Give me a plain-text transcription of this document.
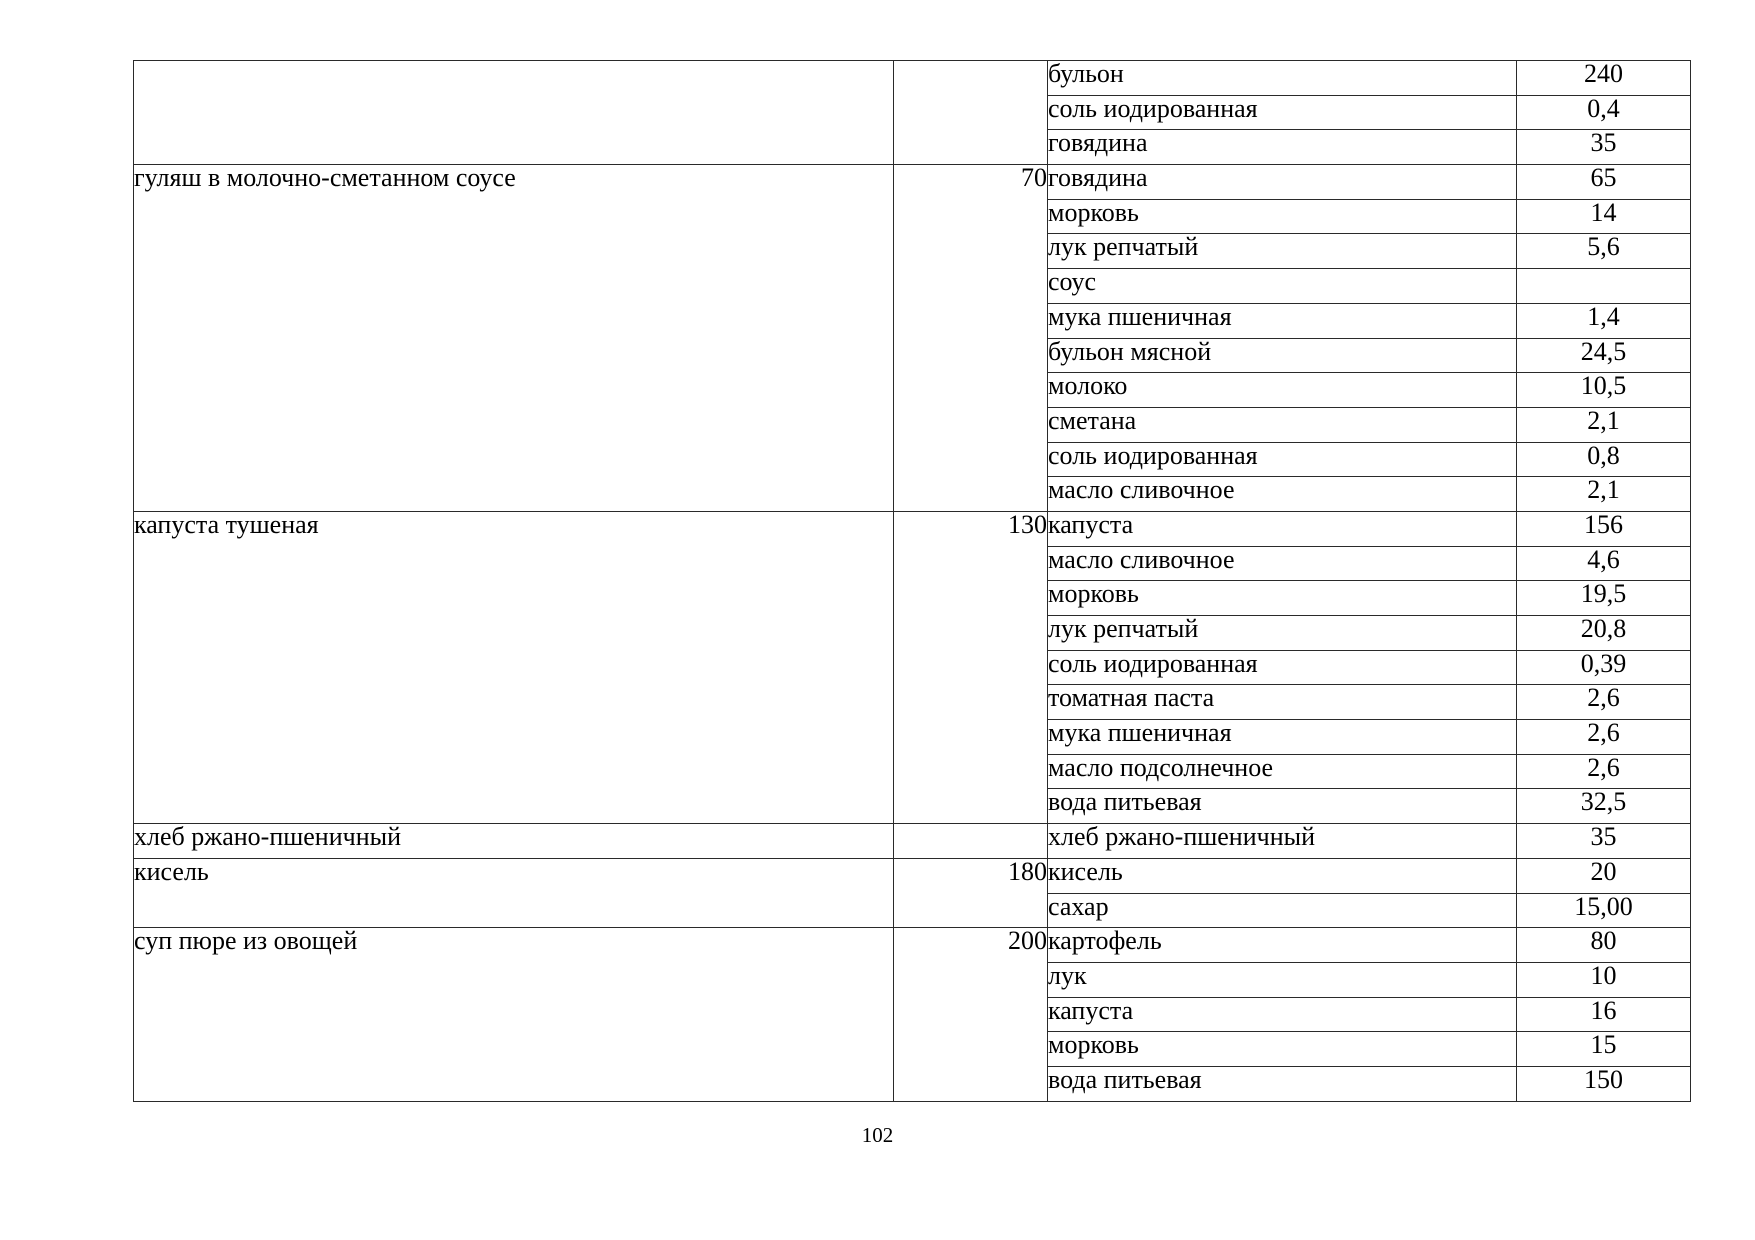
		бульон	240
		соль иодированная	0,4
		говядина	35
гуляш в молочно-сметанном соусе	70	говядина	65
		морковь	14
		лук репчатый	5,6
		соус	
		мука пшеничная	1,4
		бульон мясной	24,5
		молоко	10,5
		сметана	2,1
		соль иодированная	0,8
		масло сливочное	2,1
капуста тушеная	130	капуста	156
		масло сливочное	4,6
		морковь	19,5
		лук репчатый	20,8
		соль иодированная	0,39
		томатная паста	2,6
		мука пшеничная	2,6
		масло подсолнечное	2,6
		вода питьевая	32,5
хлеб ржано-пшеничный		хлеб ржано-пшеничный	35
кисель	180	кисель	20
		сахар	15,00
суп пюре из овощей	200	картофель	80
		лук	10
		капуста	16
		морковь	15
		вода питьевая	150
102
